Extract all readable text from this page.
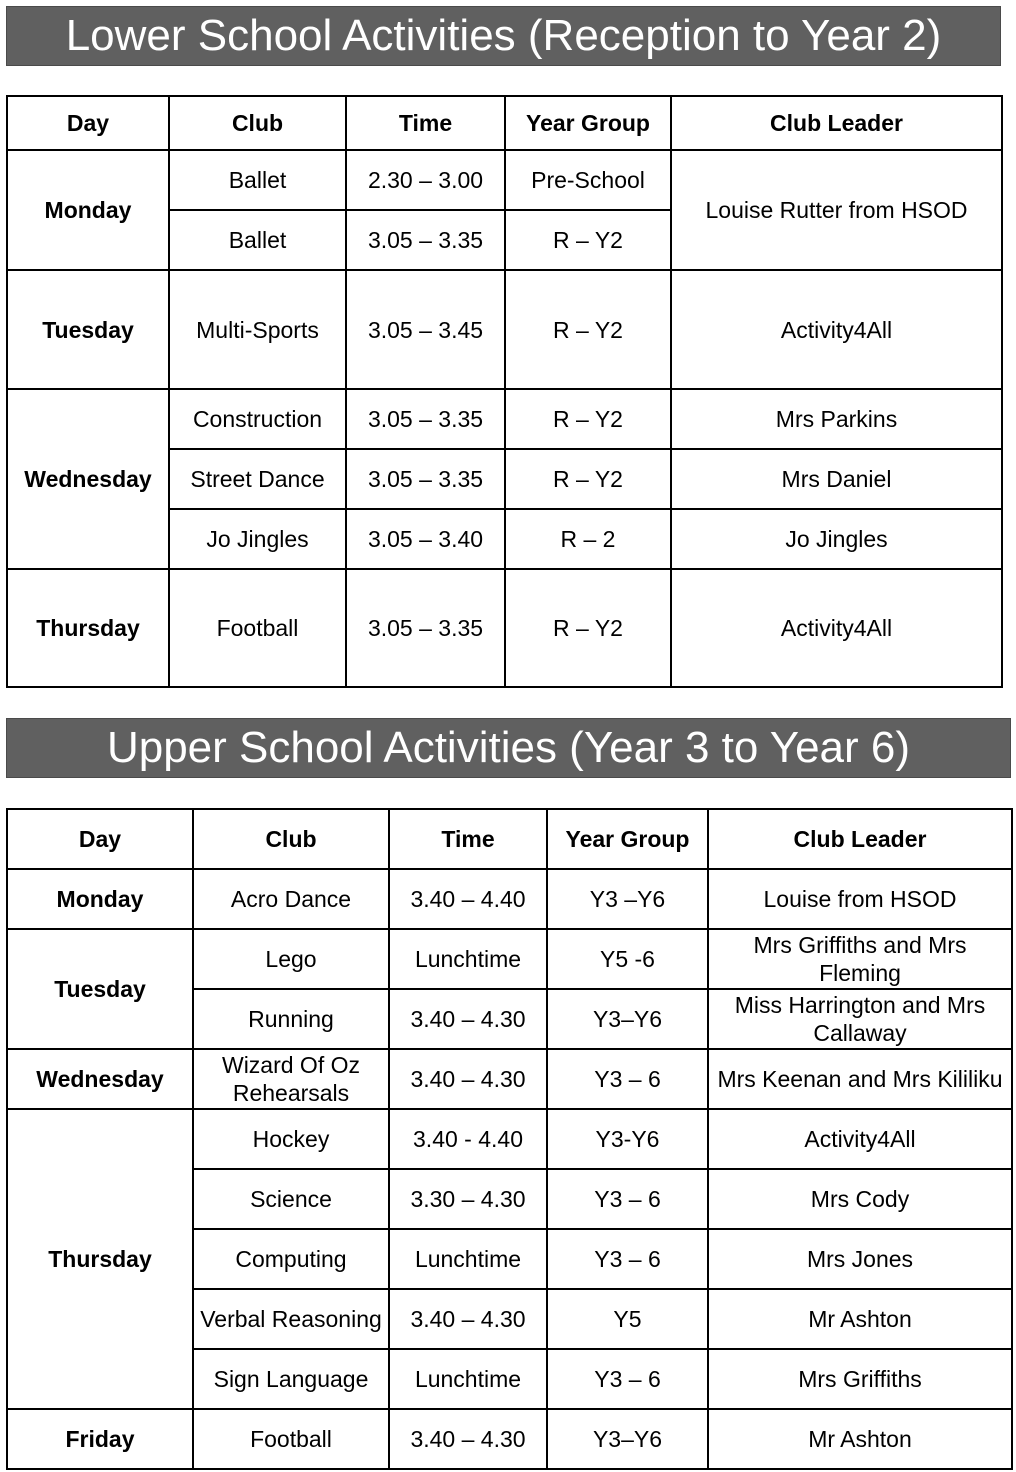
Lower School Activities (Reception to Year 2)
Day	Club	Time	Year Group	Club Leader
Monday	Ballet	2.30 – 3.00	Pre-School	Louise Rutter from HSOD
	Ballet	3.05 – 3.35	R – Y2	
Tuesday	Multi-Sports	3.05 – 3.45	R – Y2	Activity4All
Wednesday	Construction	3.05 – 3.35	R – Y2	Mrs Parkins
	Street Dance	3.05 – 3.35	R – Y2	Mrs Daniel
	Jo Jingles	3.05 – 3.40	R – 2	Jo Jingles
Thursday	Football	3.05 – 3.35	R – Y2	Activity4All
Upper School Activities (Year 3 to Year 6)
Day	Club	Time	Year Group	Club Leader
Monday	Acro Dance	3.40 – 4.40	Y3 –Y6	Louise from HSOD
Tuesday	Lego	Lunchtime	Y5 -6	Mrs Griffiths and Mrs Fleming
	Running	3.40 – 4.30	Y3–Y6	Miss Harrington and Mrs Callaway
Wednesday	Wizard Of Oz Rehearsals	3.40 – 4.30	Y3 – 6	Mrs Keenan and Mrs Kililiku
Thursday	Hockey	3.40 - 4.40	Y3-Y6	Activity4All
	Science	3.30 – 4.30	Y3 – 6	Mrs Cody
	Computing	Lunchtime	Y3 – 6	Mrs Jones
	Verbal Reasoning	3.40 – 4.30	Y5	Mr Ashton
	Sign Language	Lunchtime	Y3 – 6	Mrs Griffiths
Friday	Football	3.40 – 4.30	Y3–Y6	Mr Ashton
